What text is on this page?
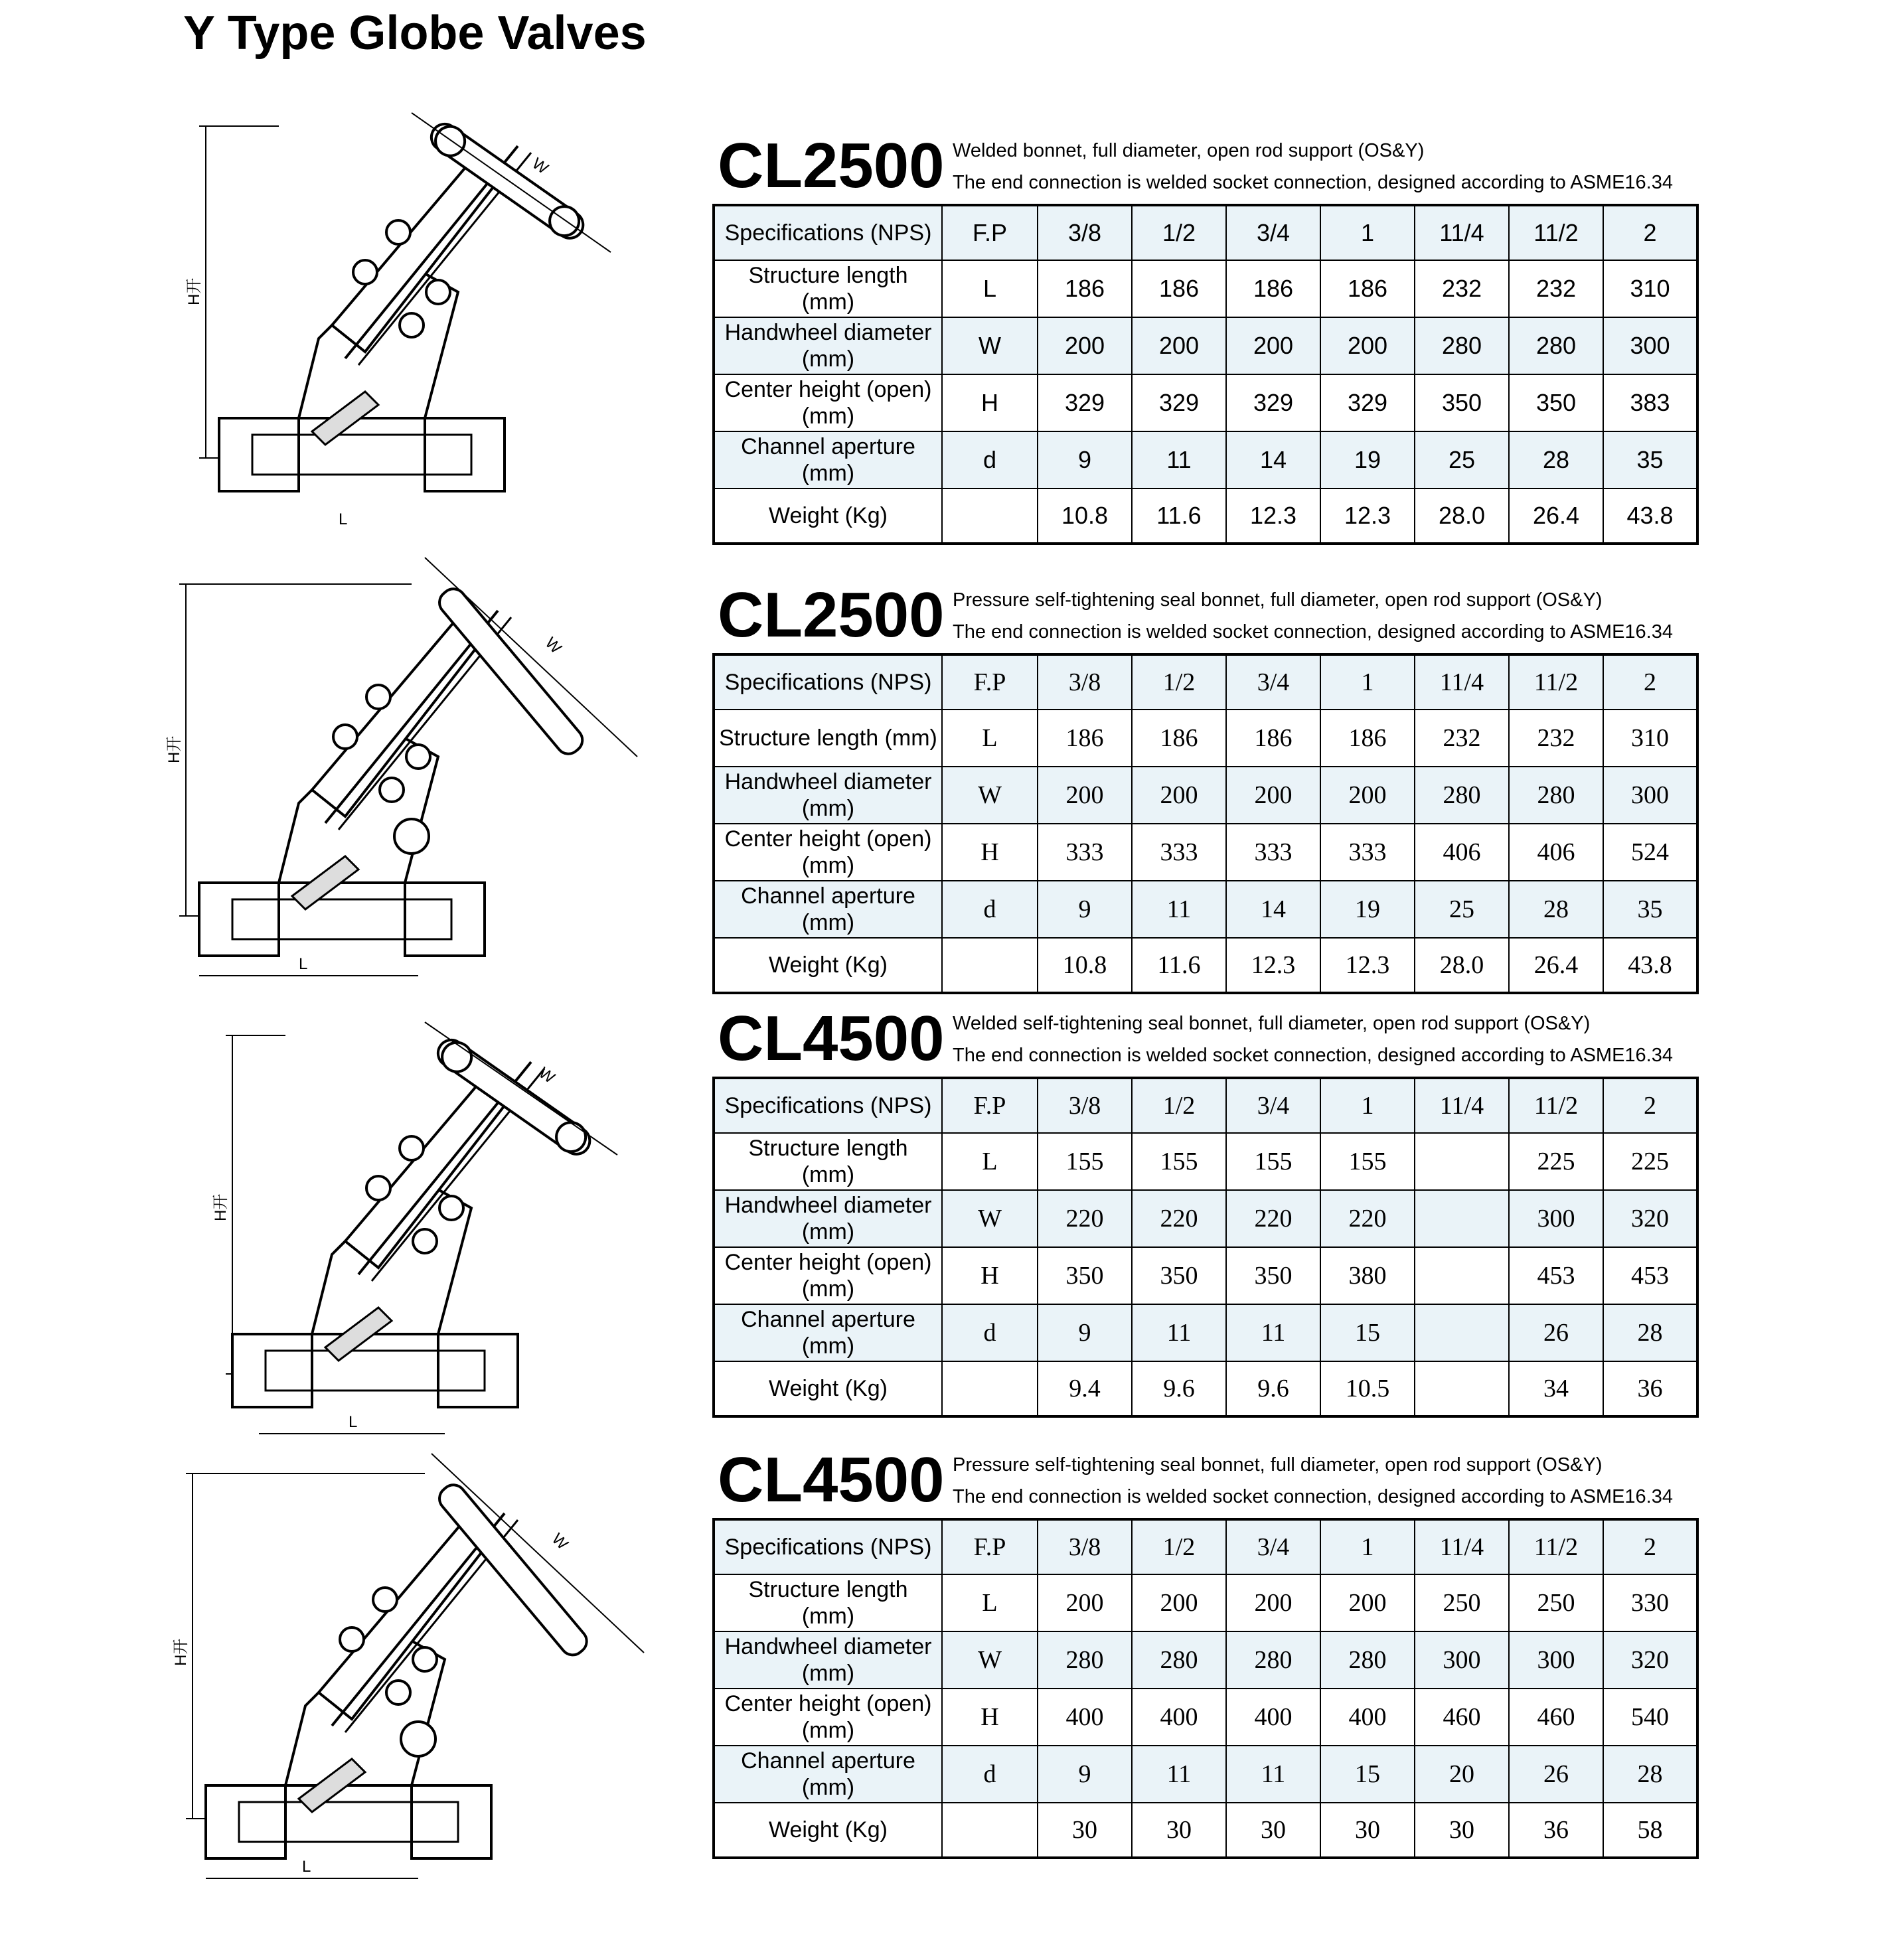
Y Type Globe Valves
H开
L
W
H开
L
W
H开
L
W
H开
L
W
CL2500 Welded bonnet, full diameter, open rod support (OS&Y)
The end connection is welded socket connection, designed according to ASME16.34
Specifications (NPS)	F.P	3/8	1/2	3/4	1	11/4	11/2	2

Structure length
(mm)	L	186	186	186	186	232	232	310

Handwheel diameter
(mm)	W	200	200	200	200	280	280	300

Center height (open)
(mm)	H	329	329	329	329	350	350	383

Channel aperture
(mm)	d	9	11	14	19	25	28	35

Weight (Kg)		10.8	11.6	12.3	12.3	28.0	26.4	43.8
CL2500 Pressure self-tightening seal bonnet, full diameter, open rod support (OS&Y)
The end connection is welded socket connection, designed according to ASME16.34
Specifications (NPS)	F.P	3/8	1/2	3/4	1	11/4	11/2	2

Structure length (mm)	L	186	186	186	186	232	232	310

Handwheel diameter
(mm)	W	200	200	200	200	280	280	300

Center height (open)
(mm)	H	333	333	333	333	406	406	524

Channel aperture
(mm)	d	9	11	14	19	25	28	35

Weight (Kg)		10.8	11.6	12.3	12.3	28.0	26.4	43.8
CL4500 Welded self-tightening seal bonnet, full diameter, open rod support (OS&Y)
The end connection is welded socket connection, designed according to ASME16.34
Specifications (NPS)	F.P	3/8	1/2	3/4	1	11/4	11/2	2

Structure length
(mm)	L	155	155	155	155		225	225

Handwheel diameter
(mm)	W	220	220	220	220		300	320

Center height (open)
(mm)	H	350	350	350	380		453	453

Channel aperture
(mm)	d	9	11	11	15		26	28

Weight (Kg)		9.4	9.6	9.6	10.5		34	36
CL4500 Pressure self-tightening seal bonnet, full diameter, open rod support (OS&Y)
The end connection is welded socket connection, designed according to ASME16.34
Specifications (NPS)	F.P	3/8	1/2	3/4	1	11/4	11/2	2

Structure length
(mm)	L	200	200	200	200	250	250	330

Handwheel diameter
(mm)	W	280	280	280	280	300	300	320

Center height (open)
(mm)	H	400	400	400	400	460	460	540

Channel aperture
(mm)	d	9	11	11	15	20	26	28

Weight (Kg)		30	30	30	30	30	36	58
